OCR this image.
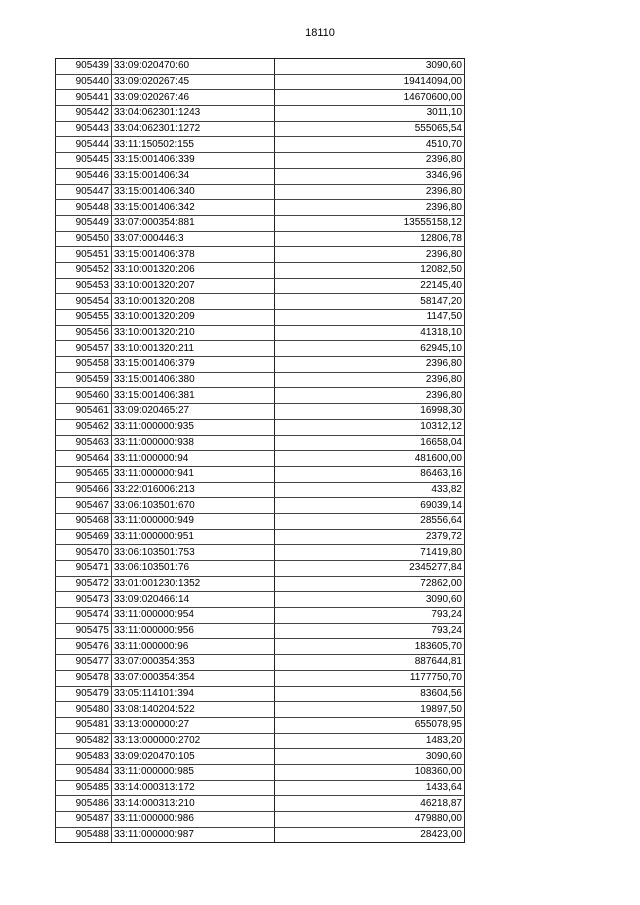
18110
905439	33:09:020470:60	3090,60
905440	33:09:020267:45	19414094,00
905441	33:09:020267:46	14670600,00
905442	33:04:062301:1243	3011,10
905443	33:04:062301:1272	555065,54
905444	33:11:150502:155	4510,70
905445	33:15:001406:339	2396,80
905446	33:15:001406:34	3346,96
905447	33:15:001406:340	2396,80
905448	33:15:001406:342	2396,80
905449	33:07:000354:881	13555158,12
905450	33:07:000446:3	12806,78
905451	33:15:001406:378	2396,80
905452	33:10:001320:206	12082,50
905453	33:10:001320:207	22145,40
905454	33:10:001320:208	58147,20
905455	33:10:001320:209	1147,50
905456	33:10:001320:210	41318,10
905457	33:10:001320:211	62945,10
905458	33:15:001406:379	2396,80
905459	33:15:001406:380	2396,80
905460	33:15:001406:381	2396,80
905461	33:09:020465:27	16998,30
905462	33:11:000000:935	10312,12
905463	33:11:000000:938	16658,04
905464	33:11:000000:94	481600,00
905465	33:11:000000:941	86463,16
905466	33:22:016006:213	433,82
905467	33:06:103501:670	69039,14
905468	33:11:000000:949	28556,64
905469	33:11:000000:951	2379,72
905470	33:06:103501:753	71419,80
905471	33:06:103501:76	2345277,84
905472	33:01:001230:1352	72862,00
905473	33:09:020466:14	3090,60
905474	33:11:000000:954	793,24
905475	33:11:000000:956	793,24
905476	33:11:000000:96	183605,70
905477	33:07:000354:353	887644,81
905478	33:07:000354:354	1177750,70
905479	33:05:114101:394	83604,56
905480	33:08:140204:522	19897,50
905481	33:13:000000:27	655078,95
905482	33:13:000000:2702	1483,20
905483	33:09:020470:105	3090,60
905484	33:11:000000:985	108360,00
905485	33:14:000313:172	1433,64
905486	33:14:000313:210	46218,87
905487	33:11:000000:986	479880,00
905488	33:11:000000:987	28423,00
